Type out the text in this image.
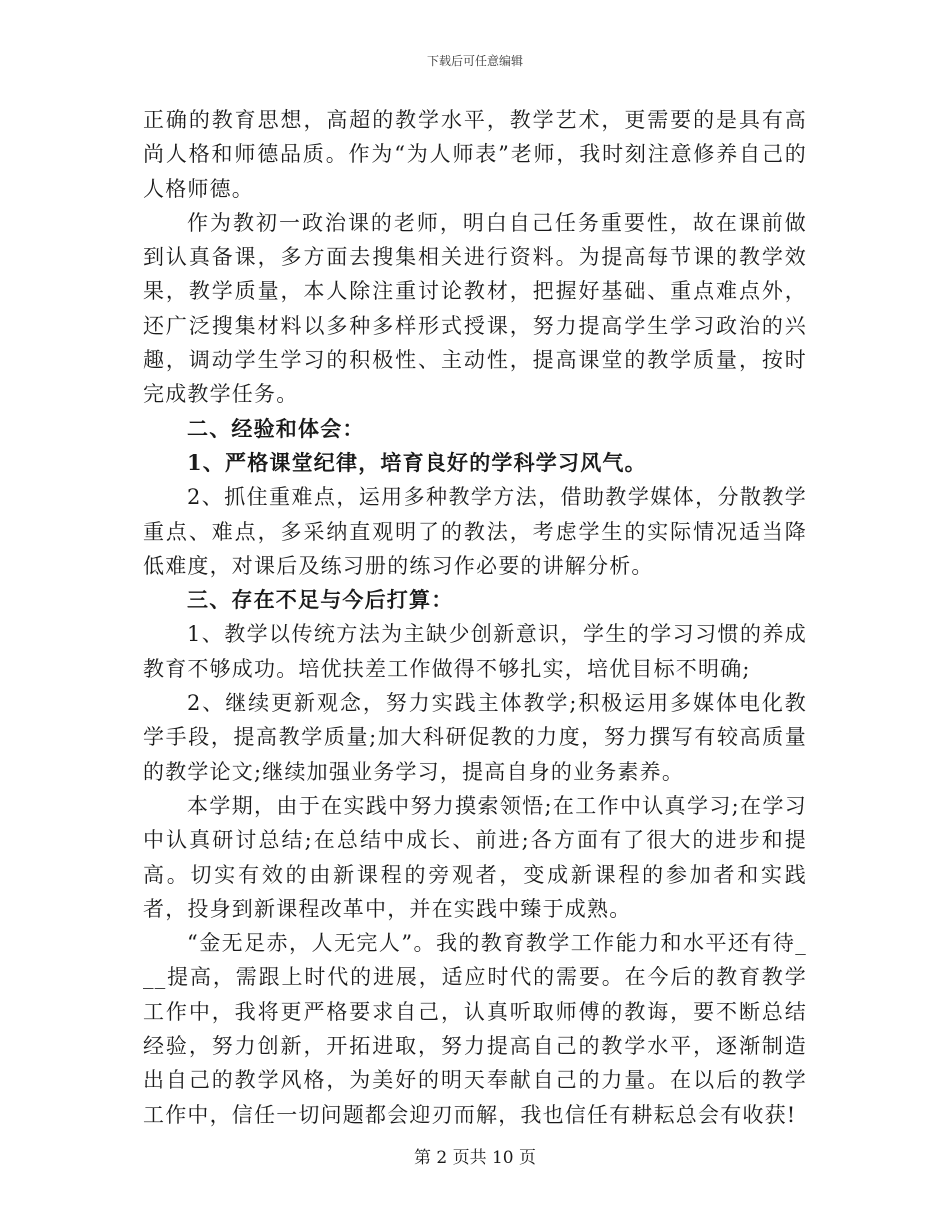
下载后可任意编辑

正确的教育思想，高超的教学水平，教学艺术，更需要的是具有高尚人格和师德品质。作为“为人师表”老师，我时刻注意修养自己的人格师德。

作为教初一政治课的老师，明白自己任务重要性，故在课前做到认真备课，多方面去搜集相关进行资料。为提高每节课的教学效果，教学质量，本人除注重讨论教材，把握好基础、重点难点外，还广泛搜集材料以多种多样形式授课，努力提高学生学习政治的兴趣，调动学生学习的积极性、主动性，提高课堂的教学质量，按时完成教学任务。

二、经验和体会：

1、严格课堂纪律，培育良好的学科学习风气。

2、抓住重难点，运用多种教学方法，借助教学媒体，分散教学重点、难点，多采纳直观明了的教法，考虑学生的实际情况适当降低难度，对课后及练习册的练习作必要的讲解分析。

三、存在不足与今后打算：

1、教学以传统方法为主缺少创新意识，学生的学习习惯的养成教育不够成功。培优扶差工作做得不够扎实，培优目标不明确;

2、继续更新观念，努力实践主体教学;积极运用多媒体电化教学手段，提高教学质量;加大科研促教的力度，努力撰写有较高质量的教学论文;继续加强业务学习，提高自身的业务素养。

本学期，由于在实践中努力摸索领悟;在工作中认真学习;在学习中认真研讨总结;在总结中成长、前进;各方面有了很大的进步和提高。切实有效的由新课程的旁观者，变成新课程的参加者和实践者，投身到新课程改革中，并在实践中臻于成熟。

“金无足赤，人无完人”。我的教育教学工作能力和水平还有待___提高，需跟上时代的进展，适应时代的需要。在今后的教育教学工作中，我将更严格要求自己，认真听取师傅的教诲，要不断总结经验，努力创新，开拓进取，努力提高自己的教学水平，逐渐制造出自己的教学风格，为美好的明天奉献自己的力量。在以后的教学工作中，信任一切问题都会迎刃而解，我也信任有耕耘总会有收获!

第 2 页共 10 页
